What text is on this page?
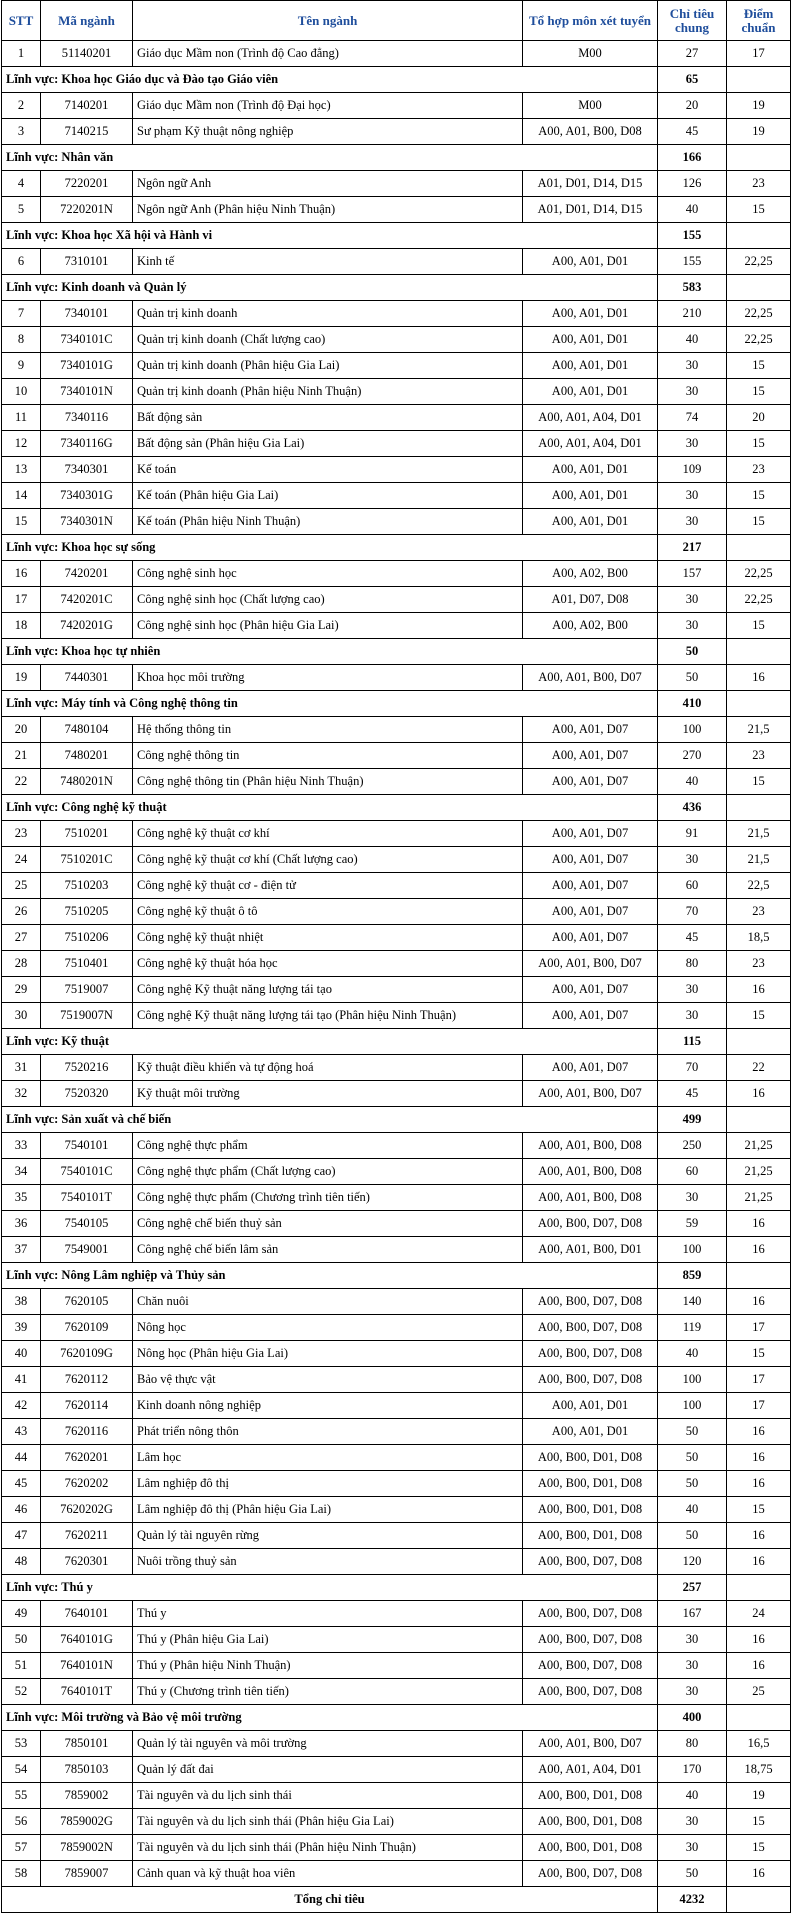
STT	Mã ngành	Tên ngành	Tổ hợp môn xét tuyển	Chỉ tiêu chung	Điểm chuẩn
1	51140201	Giáo dục Mầm non (Trình độ Cao đẳng)	M00	27	17
Lĩnh vực: Khoa học Giáo dục và Đào tạo Giáo viên				65	
2	7140201	Giáo dục Mầm non (Trình độ Đại học)	M00	20	19
3	7140215	Sư phạm Kỹ thuật nông nghiệp	A00, A01, B00, D08	45	19
Lĩnh vực: Nhân văn				166	
4	7220201	Ngôn ngữ Anh	A01, D01, D14, D15	126	23
5	7220201N	Ngôn ngữ Anh (Phân hiệu Ninh Thuận)	A01, D01, D14, D15	40	15
Lĩnh vực: Khoa học Xã hội và Hành vi				155	
6	7310101	Kinh tế	A00, A01, D01	155	22,25
Lĩnh vực: Kinh doanh và Quản lý				583	
7	7340101	Quản trị kinh doanh	A00, A01, D01	210	22,25
8	7340101C	Quản trị kinh doanh (Chất lượng cao)	A00, A01, D01	40	22,25
9	7340101G	Quản trị kinh doanh (Phân hiệu Gia Lai)	A00, A01, D01	30	15
10	7340101N	Quản trị kinh doanh (Phân hiệu Ninh Thuận)	A00, A01, D01	30	15
11	7340116	Bất động sản	A00, A01, A04, D01	74	20
12	7340116G	Bất động sản (Phân hiệu Gia Lai)	A00, A01, A04, D01	30	15
13	7340301	Kế toán	A00, A01, D01	109	23
14	7340301G	Kế toán (Phân hiệu Gia Lai)	A00, A01, D01	30	15
15	7340301N	Kế toán (Phân hiệu Ninh Thuận)	A00, A01, D01	30	15
Lĩnh vực: Khoa học sự sống				217	
16	7420201	Công nghệ sinh học	A00, A02, B00	157	22,25
17	7420201C	Công nghệ sinh học (Chất lượng cao)	A01, D07, D08	30	22,25
18	7420201G	Công nghệ sinh học (Phân hiệu Gia Lai)	A00, A02, B00	30	15
Lĩnh vực: Khoa học tự nhiên				50	
19	7440301	Khoa học môi trường	A00, A01, B00, D07	50	16
Lĩnh vực: Máy tính và Công nghệ thông tin				410	
20	7480104	Hệ thống thông tin	A00, A01, D07	100	21,5
21	7480201	Công nghệ thông tin	A00, A01, D07	270	23
22	7480201N	Công nghệ thông tin (Phân hiệu Ninh Thuận)	A00, A01, D07	40	15
Lĩnh vực: Công nghệ kỹ thuật				436	
23	7510201	Công nghệ kỹ thuật cơ khí	A00, A01, D07	91	21,5
24	7510201C	Công nghệ kỹ thuật cơ khí (Chất lượng cao)	A00, A01, D07	30	21,5
25	7510203	Công nghệ kỹ thuật cơ - điện tử	A00, A01, D07	60	22,5
26	7510205	Công nghệ kỹ thuật ô tô	A00, A01, D07	70	23
27	7510206	Công nghệ kỹ thuật nhiệt	A00, A01, D07	45	18,5
28	7510401	Công nghệ kỹ thuật hóa học	A00, A01, B00, D07	80	23
29	7519007	Công nghệ Kỹ thuật năng lượng tái tạo	A00, A01, D07	30	16
30	7519007N	Công nghệ Kỹ thuật năng lượng tái tạo (Phân hiệu Ninh Thuận)	A00, A01, D07	30	15
Lĩnh vực: Kỹ thuật				115	
31	7520216	Kỹ thuật điều khiển và tự động hoá	A00, A01, D07	70	22
32	7520320	Kỹ thuật môi trường	A00, A01, B00, D07	45	16
Lĩnh vực: Sản xuất và chế biến				499	
33	7540101	Công nghệ thực phẩm	A00, A01, B00, D08	250	21,25
34	7540101C	Công nghệ thực phẩm (Chất lượng cao)	A00, A01, B00, D08	60	21,25
35	7540101T	Công nghệ thực phẩm (Chương trình tiên tiến)	A00, A01, B00, D08	30	21,25
36	7540105	Công nghệ chế biến thuỷ sản	A00, B00, D07, D08	59	16
37	7549001	Công nghệ chế biến lâm sản	A00, A01, B00, D01	100	16
Lĩnh vực: Nông Lâm nghiệp và Thủy sản				859	
38	7620105	Chăn nuôi	A00, B00, D07, D08	140	16
39	7620109	Nông học	A00, B00, D07, D08	119	17
40	7620109G	Nông học (Phân hiệu Gia Lai)	A00, B00, D07, D08	40	15
41	7620112	Bảo vệ thực vật	A00, B00, D07, D08	100	17
42	7620114	Kinh doanh nông nghiệp	A00, A01, D01	100	17
43	7620116	Phát triển nông thôn	A00, A01, D01	50	16
44	7620201	Lâm học	A00, B00, D01, D08	50	16
45	7620202	Lâm nghiệp đô thị	A00, B00, D01, D08	50	16
46	7620202G	Lâm nghiệp đô thị (Phân hiệu Gia Lai)	A00, B00, D01, D08	40	15
47	7620211	Quản lý tài nguyên rừng	A00, B00, D01, D08	50	16
48	7620301	Nuôi trồng thuỷ sản	A00, B00, D07, D08	120	16
Lĩnh vực: Thú y				257	
49	7640101	Thú y	A00, B00, D07, D08	167	24
50	7640101G	Thú y (Phân hiệu Gia Lai)	A00, B00, D07, D08	30	16
51	7640101N	Thú y (Phân hiệu Ninh Thuận)	A00, B00, D07, D08	30	16
52	7640101T	Thú y (Chương trình tiên tiến)	A00, B00, D07, D08	30	25
Lĩnh vực: Môi trường và Bảo vệ môi trường				400	
53	7850101	Quản lý tài nguyên và môi trường	A00, A01, B00, D07	80	16,5
54	7850103	Quản lý đất đai	A00, A01, A04, D01	170	18,75
55	7859002	Tài nguyên và du lịch sinh thái	A00, B00, D01, D08	40	19
56	7859002G	Tài nguyên và du lịch sinh thái (Phân hiệu Gia Lai)	A00, B00, D01, D08	30	15
57	7859002N	Tài nguyên và du lịch sinh thái (Phân hiệu Ninh Thuận)	A00, B00, D01, D08	30	15
58	7859007	Cảnh quan và kỹ thuật hoa viên	A00, B00, D07, D08	50	16
Tổng chỉ tiêu				4232	
